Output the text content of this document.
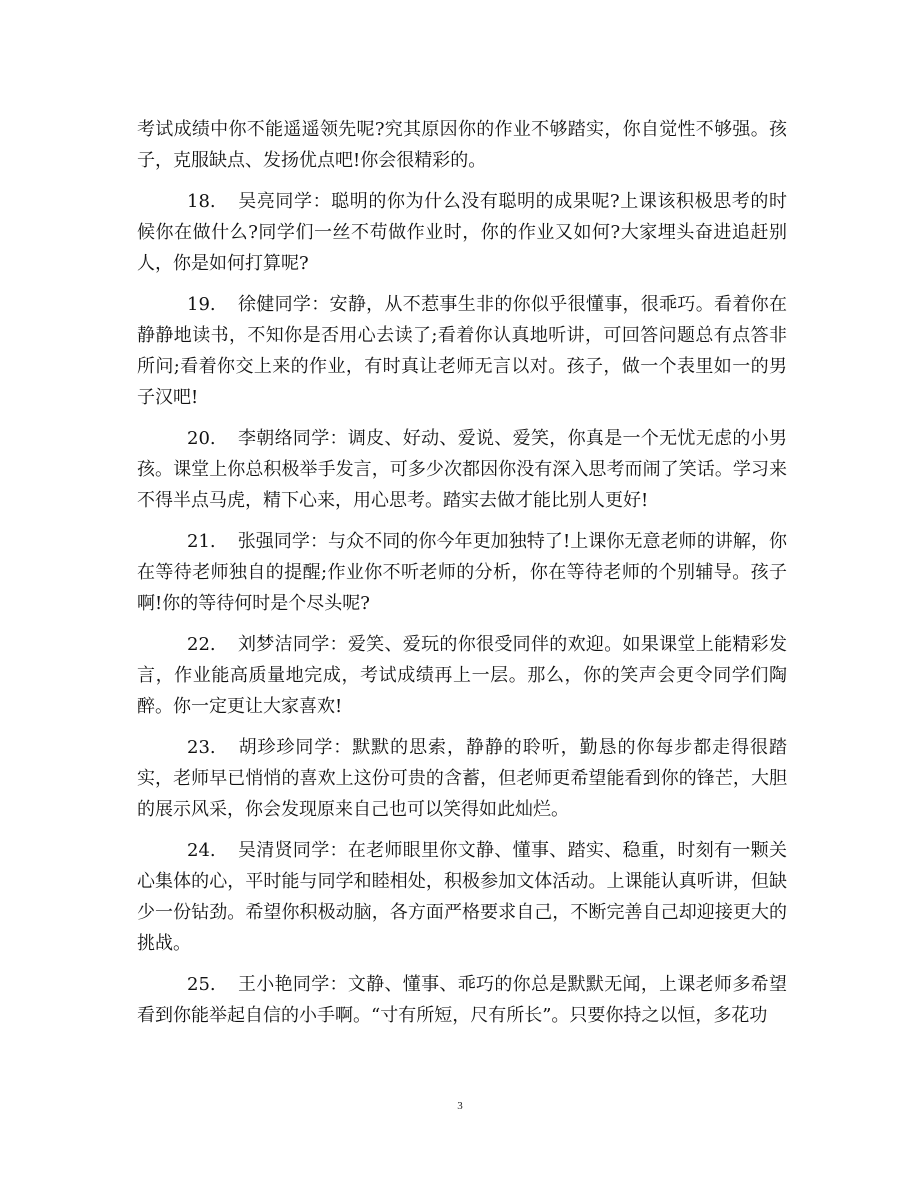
考试成绩中你不能遥遥领先呢?究其原因你的作业不够踏实，你自觉性不够强。孩子，克服缺点、发扬优点吧!你会很精彩的。

18. 吴亮同学：聪明的你为什么没有聪明的成果呢?上课该积极思考的时候你在做什么?同学们一丝不苟做作业时，你的作业又如何?大家埋头奋进追赶别人，你是如何打算呢?

19. 徐健同学：安静，从不惹事生非的你似乎很懂事，很乖巧。看着你在静静地读书，不知你是否用心去读了;看着你认真地听讲，可回答问题总有点答非所问;看着你交上来的作业，有时真让老师无言以对。孩子，做一个表里如一的男子汉吧!

20. 李朝络同学：调皮、好动、爱说、爱笑，你真是一个无忧无虑的小男孩。课堂上你总积极举手发言，可多少次都因你没有深入思考而闹了笑话。学习来不得半点马虎，精下心来，用心思考。踏实去做才能比别人更好!

21. 张强同学：与众不同的你今年更加独特了!上课你无意老师的讲解，你在等待老师独自的提醒;作业你不听老师的分析，你在等待老师的个别辅导。孩子啊!你的等待何时是个尽头呢?

22. 刘梦洁同学：爱笑、爱玩的你很受同伴的欢迎。如果课堂上能精彩发言，作业能高质量地完成，考试成绩再上一层。那么，你的笑声会更令同学们陶醉。你一定更让大家喜欢!

23. 胡珍珍同学：默默的思索，静静的聆听，勤恳的你每步都走得很踏实，老师早已悄悄的喜欢上这份可贵的含蓄，但老师更希望能看到你的锋芒，大胆的展示风采，你会发现原来自己也可以笑得如此灿烂。

24. 吴清贤同学：在老师眼里你文静、懂事、踏实、稳重，时刻有一颗关心集体的心，平时能与同学和睦相处，积极参加文体活动。上课能认真听讲，但缺少一份钻劲。希望你积极动脑，各方面严格要求自己，不断完善自己却迎接更大的挑战。

25. 王小艳同学：文静、懂事、乖巧的你总是默默无闻，上课老师多希望看到你能举起自信的小手啊。“寸有所短，尺有所长”。只要你持之以恒，多花功

3
